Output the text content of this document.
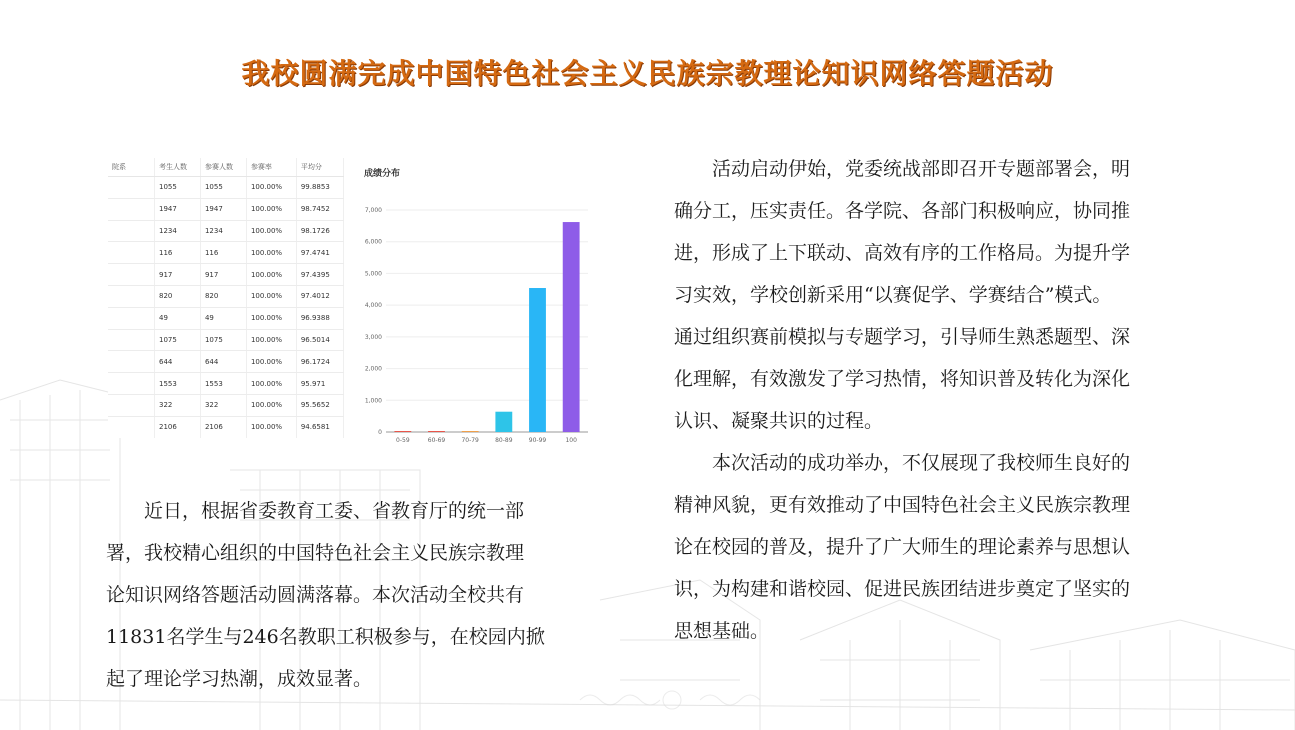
我校圆满完成中国特色社会主义民族宗教理论知识网络答题活动
院系	考生人数	参赛人数	参赛率	平均分
	1055	1055	100.00%	99.8853
	1947	1947	100.00%	98.7452
	1234	1234	100.00%	98.1726
	116	116	100.00%	97.4741
	917	917	100.00%	97.4395
	820	820	100.00%	97.4012
	49	49	100.00%	96.9388
	1075	1075	100.00%	96.5014
	644	644	100.00%	96.1724
	1553	1553	100.00%	95.971
	322	322	100.00%	95.5652
	2106	2106	100.00%	94.6581
成绩分布
0
1,000
2,000
3,000
4,000
5,000
6,000
7,000
0-59	60-69	70-79	80-89	90-99	100
　　近日，根据省委教育工委、省教育厅的统一部
署，我校精心组织的中国特色社会主义民族宗教理
论知识网络答题活动圆满落幕。本次活动全校共有
11831名学生与246名教职工积极参与，在校园内掀
起了理论学习热潮，成效显著。
　　活动启动伊始，党委统战部即召开专题部署会，明
确分工，压实责任。各学院、各部门积极响应，协同推
进，形成了上下联动、高效有序的工作格局。为提升学
习实效，学校创新采用“以赛促学、学赛结合”模式。
通过组织赛前模拟与专题学习，引导师生熟悉题型、深
化理解，有效激发了学习热情，将知识普及转化为深化
认识、凝聚共识的过程。
　　本次活动的成功举办，不仅展现了我校师生良好的
精神风貌，更有效推动了中国特色社会主义民族宗教理
论在校园的普及，提升了广大师生的理论素养与思想认
识，为构建和谐校园、促进民族团结进步奠定了坚实的
思想基础。
